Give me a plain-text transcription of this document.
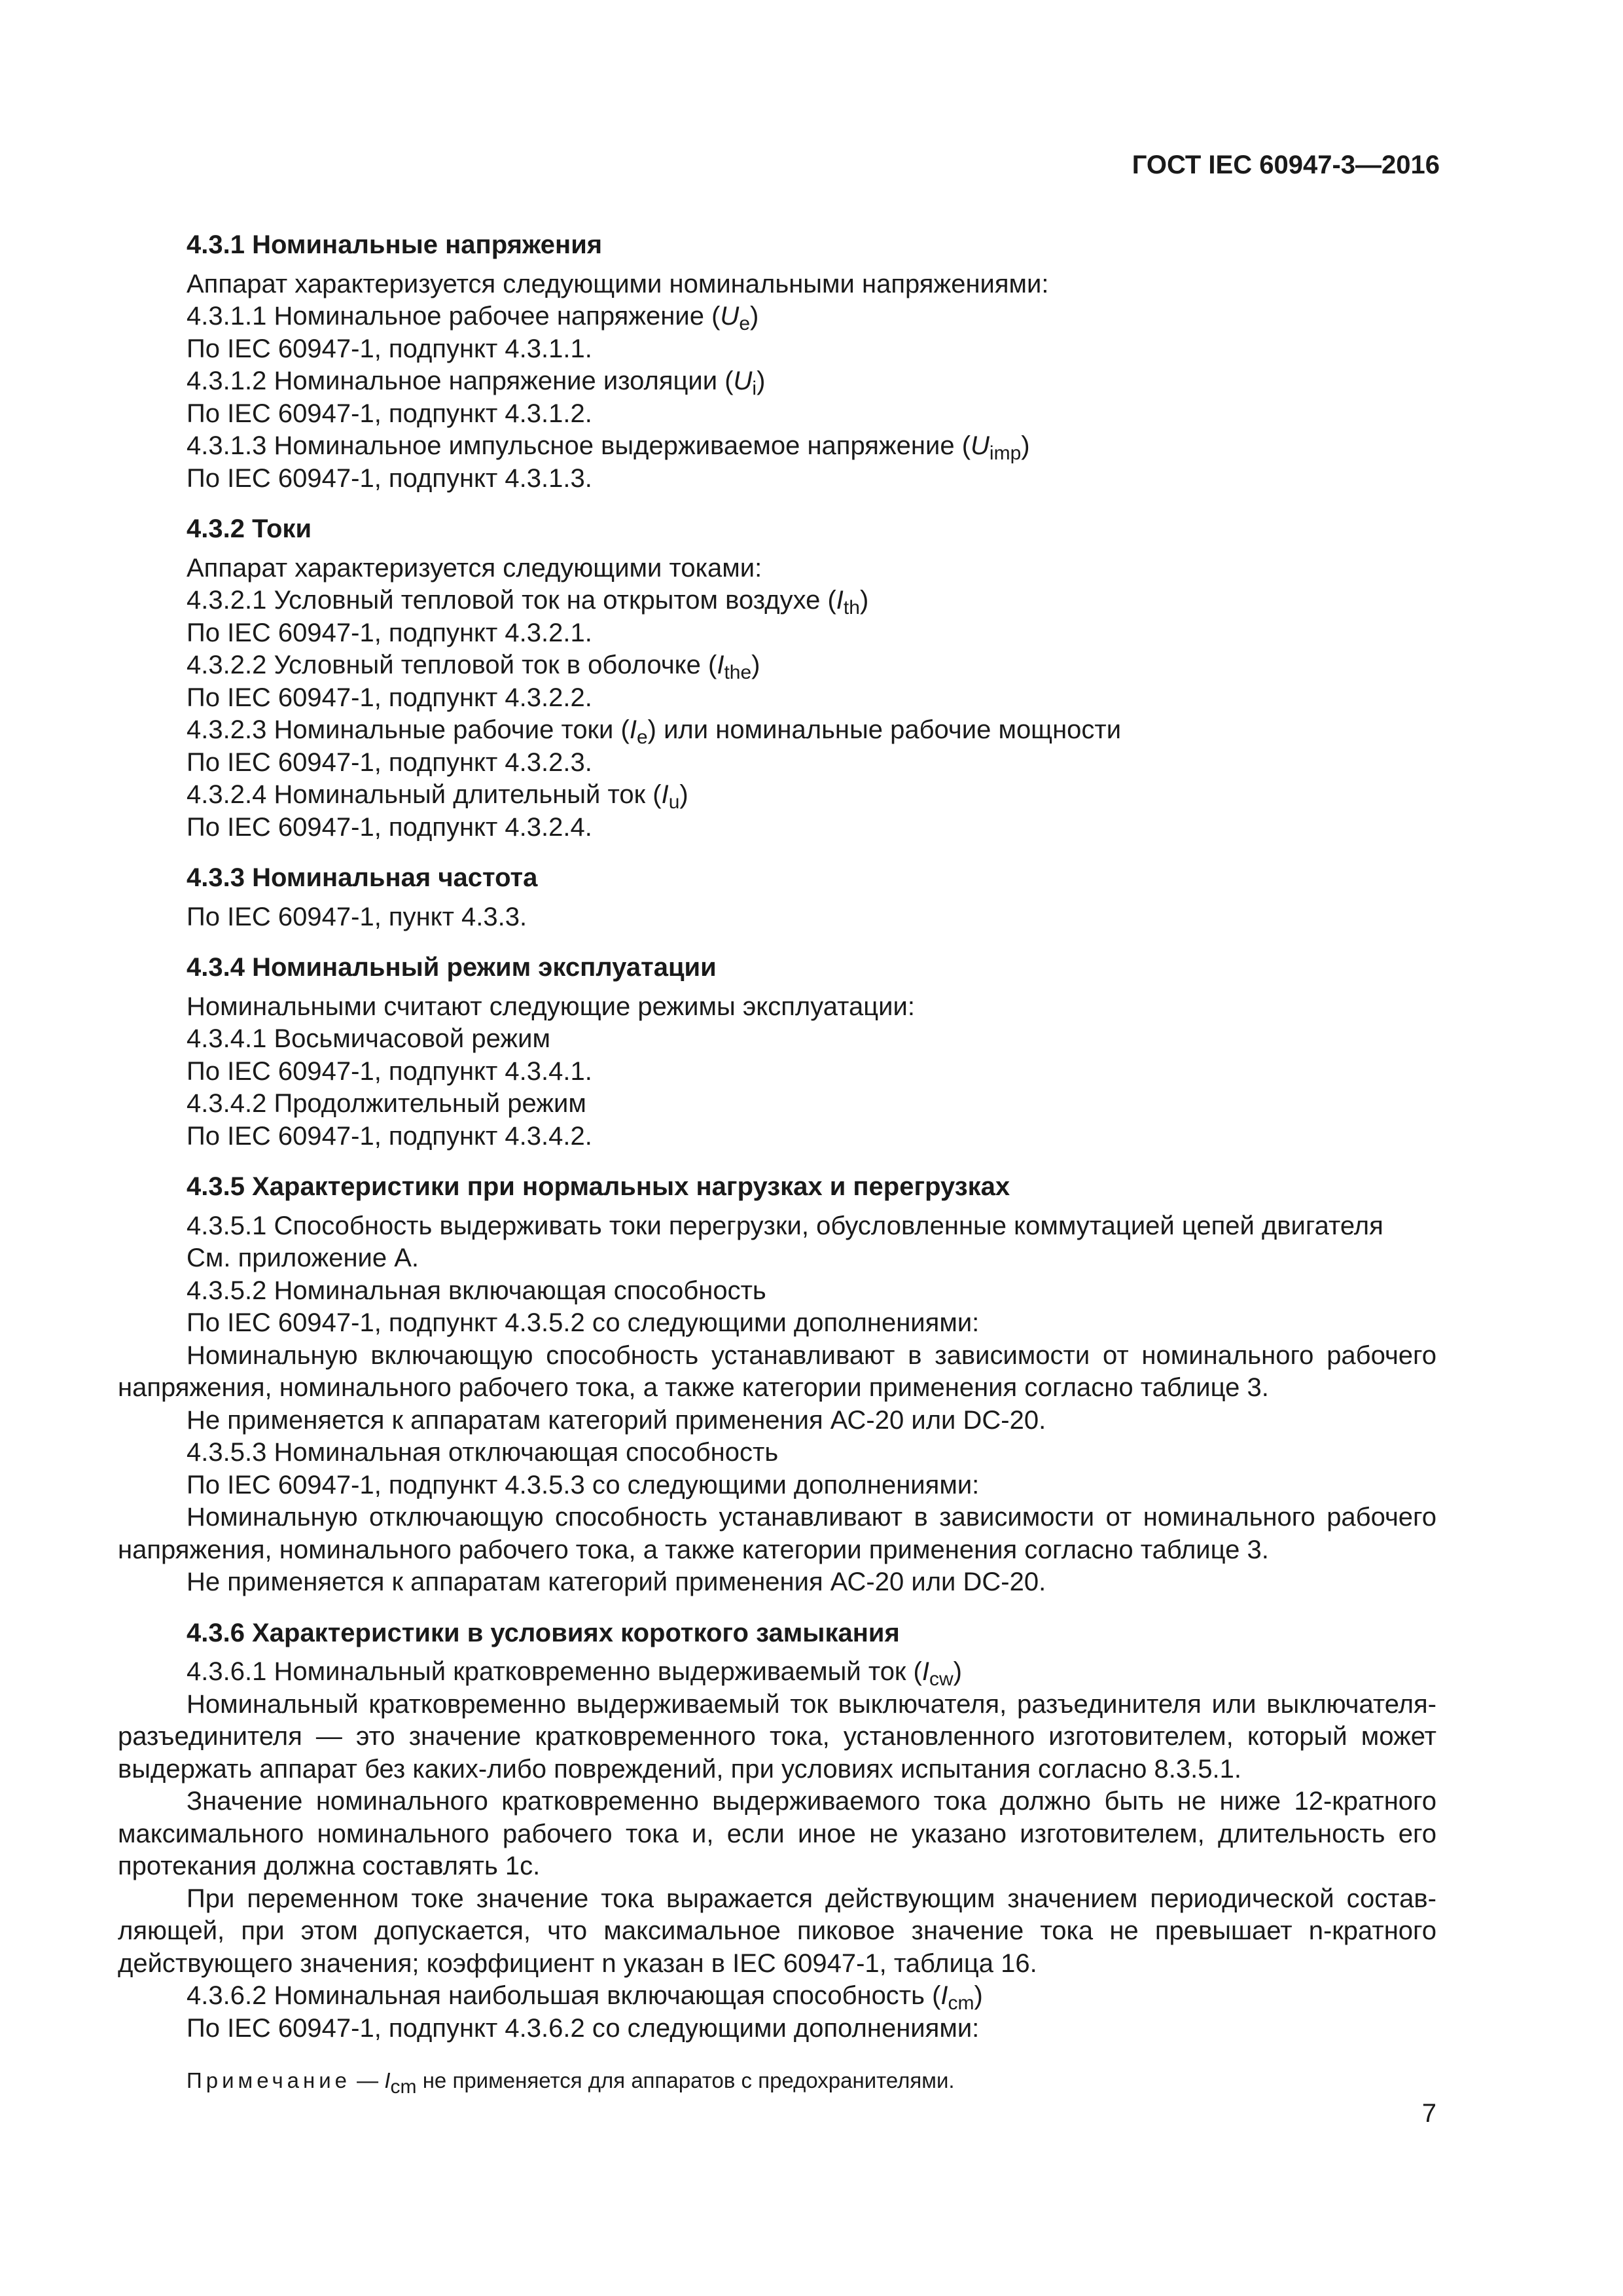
ГОСТ IEC 60947-3—2016
4.3.1 Номинальные напряжения

Аппарат характеризуется следующими номинальными напряжениями:

4.3.1.1 Номинальное рабочее напряжение $(U_e)$

По IEC 60947-1, подпункт 4.3.1.1.

4.3.1.2 Номинальное напряжение изоляции $(U_i)$

По IEC 60947-1, подпункт 4.3.1.2.

4.3.1.3 Номинальное импульсное выдерживаемое напряжение $(U_{imp})$

По IEC 60947-1, подпункт 4.3.1.3.

4.3.2 Токи

Аппарат характеризуется следующими токами:

4.3.2.1 Условный тепловой ток на открытом воздухе $(I_{th})$

По IEC 60947-1, подпункт 4.3.2.1.

4.3.2.2 Условный тепловой ток в оболочке $(I_{the})$

По IEC 60947-1, подпункт 4.3.2.2.

4.3.2.3 Номинальные рабочие токи $(I_e)$ или номинальные рабочие мощности

По IEC 60947-1, подпункт 4.3.2.3.

4.3.2.4 Номинальный длительный ток $(I_u)$

По IEC 60947-1, подпункт 4.3.2.4.

4.3.3 Номинальная частота

По IEC 60947-1, пункт 4.3.3.

4.3.4 Номинальный режим эксплуатации

Номинальными считают следующие режимы эксплуатации:

4.3.4.1 Восьмичасовой режим

По IEC 60947-1, подпункт 4.3.4.1.

4.3.4.2 Продолжительный режим

По IEC 60947-1, подпункт 4.3.4.2.

4.3.5 Характеристики при нормальных нагрузках и перегрузках

4.3.5.1 Способность выдерживать токи перегрузки, обусловленные коммутацией цепей двигателя

См. приложение А.

4.3.5.2 Номинальная включающая способность

По IEC 60947-1, подпункт 4.3.5.2 со следующими дополнениями:

Номинальную включающую способность устанавливают в зависимости от номинального рабочего напряжения, номинального рабочего тока, а также категории применения согласно таблице 3.

Не применяется к аппаратам категорий применения АС-20 или DC-20.

4.3.5.3 Номинальная отключающая способность

По IEC 60947-1, подпункт 4.3.5.3 со следующими дополнениями:

Номинальную отключающую способность устанавливают в зависимости от номинального рабочего напряжения, номинального рабочего тока, а также категории применения согласно таблице 3.

Не применяется к аппаратам категорий применения АС-20 или DC-20.

4.3.6 Характеристики в условиях короткого замыкания

4.3.6.1 Номинальный кратковременно выдерживаемый ток $(I_{cw})$

Номинальный кратковременно выдерживаемый ток выключателя, разъединителя или выключателя-разъединителя — это значение кратковременного тока, установленного изготовителем, который может выдержать аппарат без каких-либо повреждений, при условиях испытания согласно 8.3.5.1.

Значение номинального кратковременно выдерживаемого тока должно быть не ниже 12-кратного максимального номинального рабочего тока и, если иное не указано изготовителем, длительность его протекания должна составлять 1с.

При переменном токе значение тока выражается действующим значением периодической составляющей, при этом допускается, что максимальное пиковое значение тока не превышает n-кратного действующего значения; коэффициент n указан в IEC 60947-1, таблица 16.

4.3.6.2 Номинальная наибольшая включающая способность $(I_{cm})$

По IEC 60947-1, подпункт 4.3.6.2 со следующими дополнениями:

Примечание — $I_{cm}$ не применяется для аппаратов с предохранителями.

7
